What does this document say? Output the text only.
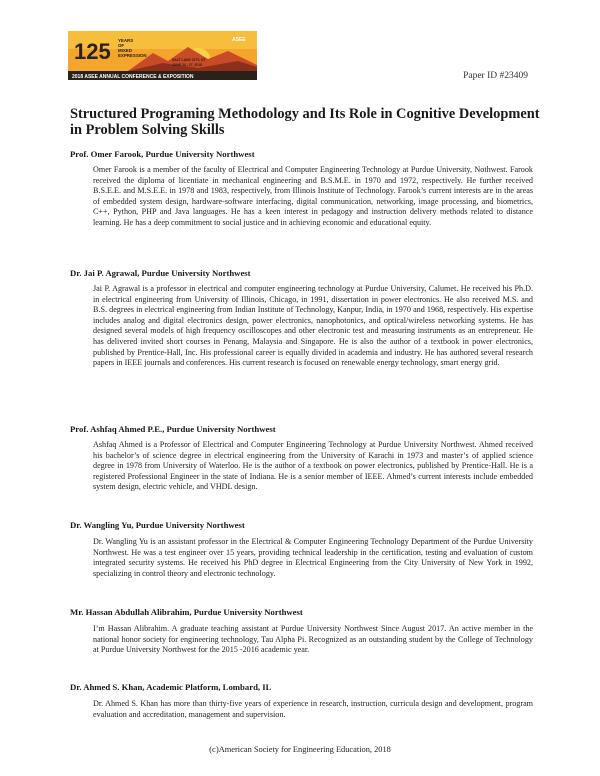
125 YEARS
OF
MIXED
EXPRESSION
ASEE
SALT LAKE CITY, UT
JUNE 24 - 27, 2018
2018 ASEE ANNUAL CONFERENCE & EXPOSITION	Paper ID #23409
Structured Programing Methodology and Its Role in Cognitive Development
in Problem Solving Skills
Prof. Omer Farook, Purdue University Northwest

Omer Farook is a member of the faculty of Electrical and Computer Engineering Technology at Purdue University, Nothwest. Farook received the diploma of licentiate in mechanical engineering and B.S.M.E. in 1970 and 1972, respectively. He further received B.S.E.E. and M.S.E.E. in 1978 and 1983, respectively, from Illinois Institute of Technology. Farook’s current interests are in the areas of embedded system design, hardware-software interfacing, digital communication, networking, image processing, and biometrics, C++, Python, PHP and Java languages. He has a keen interest in pedagogy and instruction delivery methods related to distance learning. He has a deep commitment to social justice and in achieving economic and educational equity.

Dr. Jai P. Agrawal, Purdue University Northwest

Jai P. Agrawal is a professor in electrical and computer engineering technology at Purdue University, Calumet. He received his Ph.D. in electrical engineering from University of Illinois, Chicago, in 1991, dissertation in power electronics. He also received M.S. and B.S. degrees in electrical engineering from Indian Institute of Technology, Kanpur, India, in 1970 and 1968, respectively. His expertise includes analog and digital electronics design, power electronics, nanophotonics, and optical/wireless networking systems. He has designed several models of high frequency oscilloscopes and other electronic test and measuring instruments as an entrepreneur. He has delivered invited short courses in Penang, Malaysia and Singapore. He is also the author of a textbook in power electronics, published by Prentice-Hall, Inc. His professional career is equally divided in academia and industry. He has authored several research papers in IEEE journals and conferences. His current research is focused on renewable energy technology, smart energy grid.

Prof. Ashfaq Ahmed P.E., Purdue University Northwest

Ashfaq Ahmed is a Professor of Electrical and Computer Engineering Technology at Purdue University Northwest. Ahmed received his bachelor’s of science degree in electrical engineering from the University of Karachi in 1973 and master’s of applied science degree in 1978 from University of Waterloo. He is the author of a textbook on power electronics, published by Prentice-Hall. He is a registered Professional Engineer in the state of Indiana. He is a senior member of IEEE. Ahmed’s current interests include embedded system design, electric vehicle, and VHDL design.

Dr. Wangling Yu, Purdue University Northwest

Dr. Wangling Yu is an assistant professor in the Electrical & Computer Engineering Technology Department of the Purdue University Northwest. He was a test engineer over 15 years, providing technical leadership in the certification, testing and evaluation of custom integrated security systems. He received his PhD degree in Electrical Engineering from the City University of New York in 1992, specializing in control theory and electronic technology.

Mr. Hassan Abdullah Alibrahim, Purdue University Northwest

I’m Hassan Alibrahim. A graduate teaching assistant at Purdue University Northwest Since August 2017. An active member in the national honor society for engineering technology, Tau Alpha Pi. Recognized as an outstanding student by the College of Technology at Purdue University Northwest for the 2015 -2016 academic year.

Dr. Ahmed S. Khan, Academic Platform, Lombard, IL

Dr. Ahmed S. Khan has more than thirty-five years of experience in research, instruction, curricula design and development, program evaluation and accreditation, management and supervision.

(c)American Society for Engineering Education, 2018
